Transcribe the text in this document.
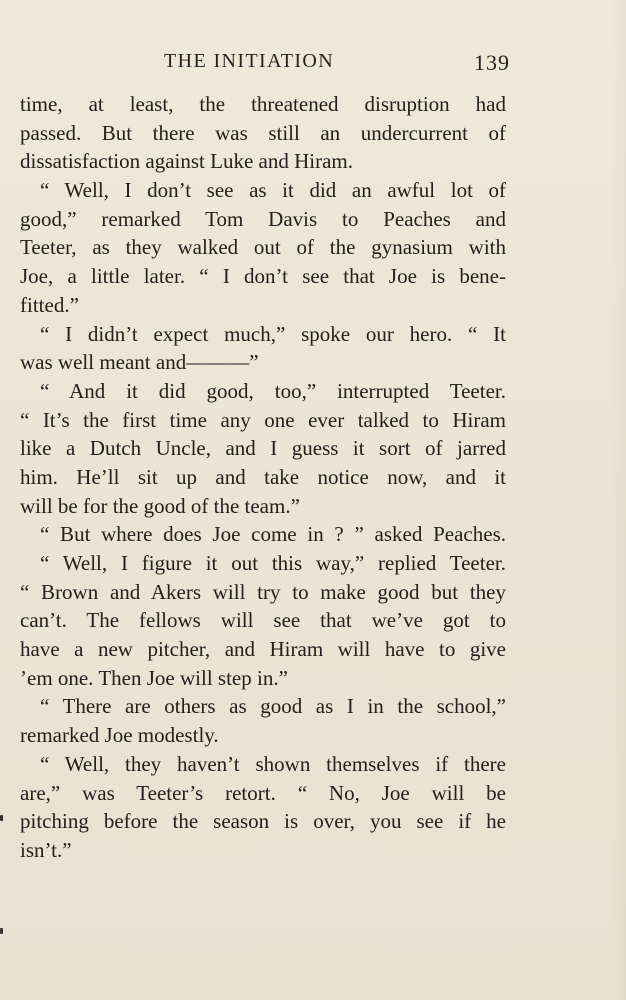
THE INITIATION	139
time, at least, the threatened disruption had
passed. But there was still an undercurrent of
dissatisfaction against Luke and Hiram.
“ Well, I don’t see as it did an awful lot of
good,” remarked Tom Davis to Peaches and
Teeter, as they walked out of the gynasium with
Joe, a little later. “ I don’t see that Joe is bene-
fitted.”
“ I didn’t expect much,” spoke our hero. “ It
was well meant and———”
“ And it did good, too,” interrupted Teeter.
“ It’s the first time any one ever talked to Hiram
like a Dutch Uncle, and I guess it sort of jarred
him. He’ll sit up and take notice now, and it
will be for the good of the team.”
“ But where does Joe come in ? ” asked Peaches.
“ Well, I figure it out this way,” replied Teeter.
“ Brown and Akers will try to make good but they
can’t. The fellows will see that we’ve got to
have a new pitcher, and Hiram will have to give
’em one. Then Joe will step in.”
“ There are others as good as I in the school,”
remarked Joe modestly.
“ Well, they haven’t shown themselves if there
are,” was Teeter’s retort. “ No, Joe will be
pitching before the season is over, you see if he
isn’t.”
